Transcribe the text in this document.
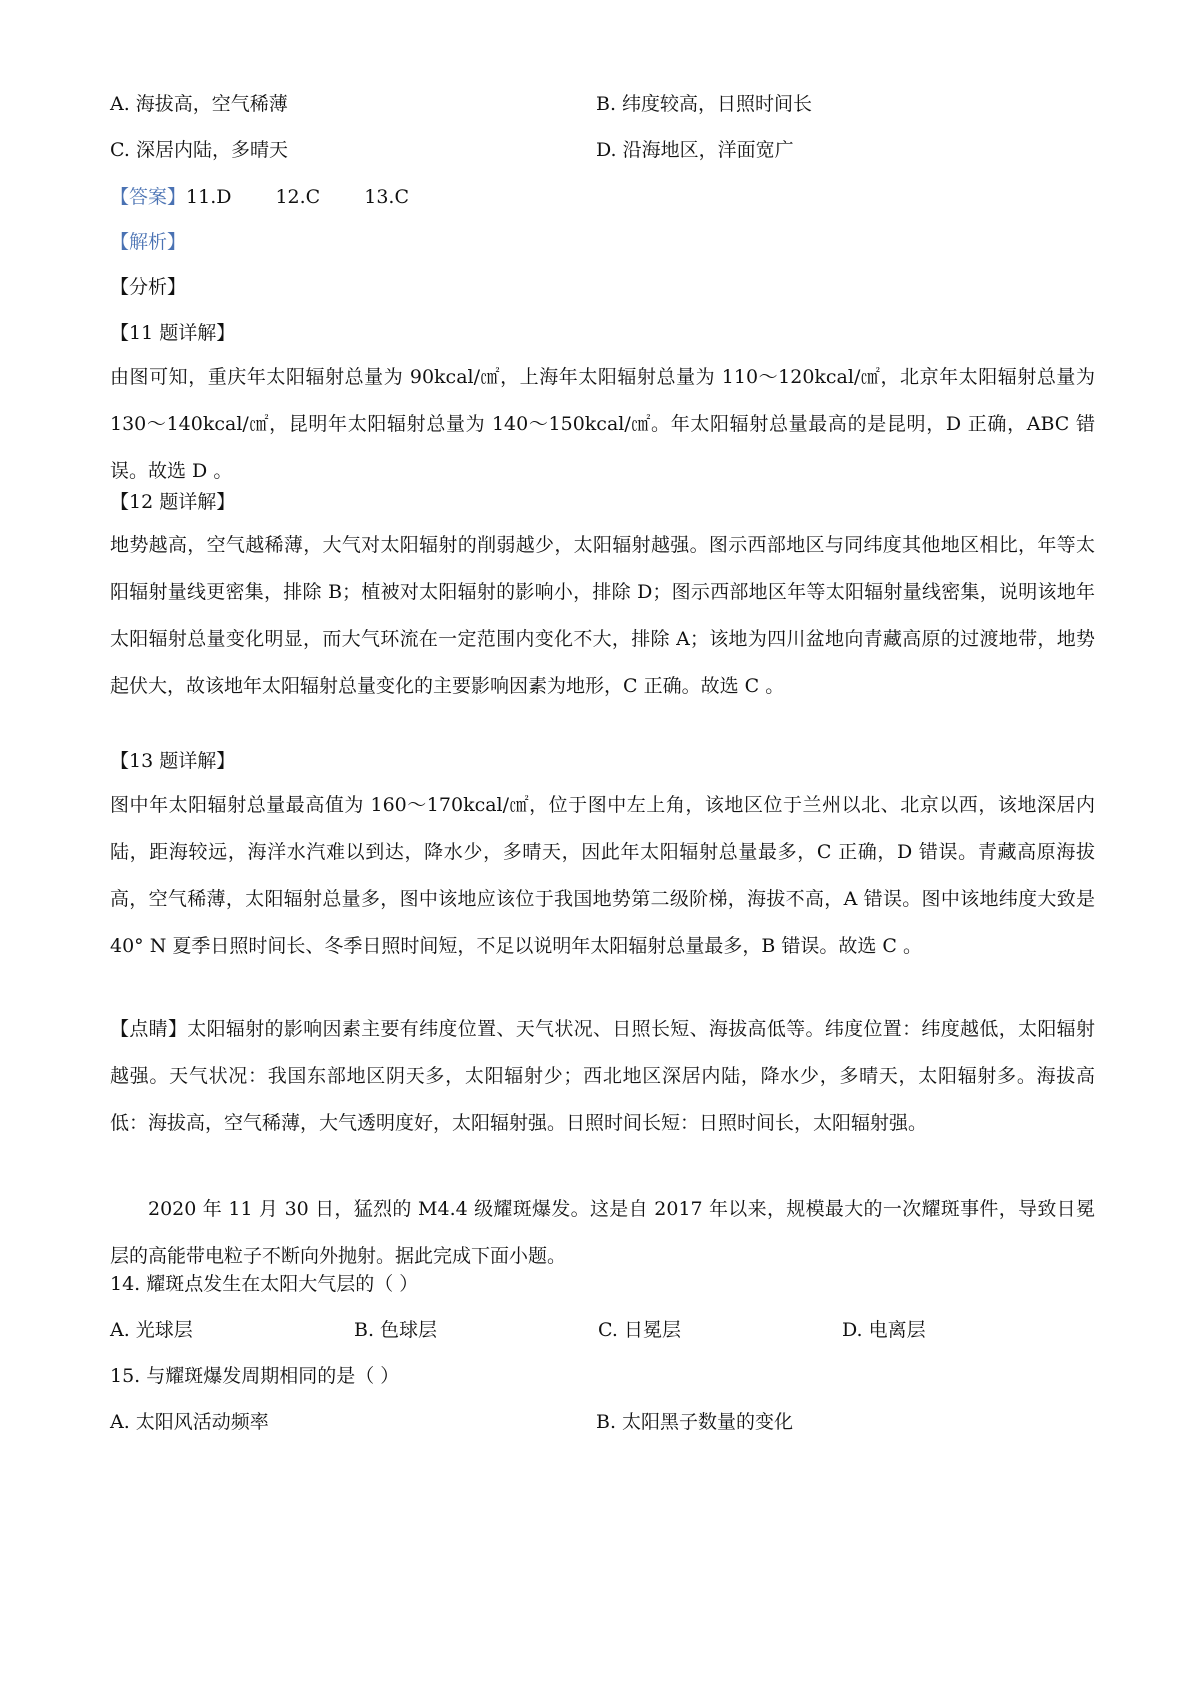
A. 海拔高，空气稀薄	B. 纬度较高，日照时间长
C. 深居内陆，多晴天	D. 沿海地区，洋面宽广
【答案】11.D 12.C 13.C
【解析】
【分析】
【11 题详解】
由图可知，重庆年太阳辐射总量为 90kcal/㎠，上海年太阳辐射总量为 110～120kcal/㎠，北京年太阳辐射总量为 130～140kcal/㎠，昆明年太阳辐射总量为 140～150kcal/㎠。年太阳辐射总量最高的是昆明，D 正确，ABC 错误。故选 D 。
【12 题详解】
地势越高，空气越稀薄，大气对太阳辐射的削弱越少，太阳辐射越强。图示西部地区与同纬度其他地区相比，年等太阳辐射量线更密集，排除 B；植被对太阳辐射的影响小，排除 D；图示西部地区年等太阳辐射量线密集，说明该地年太阳辐射总量变化明显，而大气环流在一定范围内变化不大，排除 A；该地为四川盆地向青藏高原的过渡地带，地势起伏大，故该地年太阳辐射总量变化的主要影响因素为地形，C 正确。故选 C 。
【13 题详解】
图中年太阳辐射总量最高值为 160～170kcal/㎠，位于图中左上角，该地区位于兰州以北、北京以西，该地深居内陆，距海较远，海洋水汽难以到达，降水少，多晴天，因此年太阳辐射总量最多，C 正确，D 错误。青藏高原海拔高，空气稀薄，太阳辐射总量多，图中该地应该位于我国地势第二级阶梯，海拔不高，A 错误。图中该地纬度大致是 40° N 夏季日照时间长、冬季日照时间短，不足以说明年太阳辐射总量最多，B 错误。故选 C 。
【点睛】太阳辐射的影响因素主要有纬度位置、天气状况、日照长短、海拔高低等。纬度位置：纬度越低，太阳辐射越强。天气状况：我国东部地区阴天多，太阳辐射少；西北地区深居内陆，降水少，多晴天，太阳辐射多。海拔高低：海拔高，空气稀薄，大气透明度好，太阳辐射强。日照时间长短：日照时间长，太阳辐射强。
2020 年 11 月 30 日，猛烈的 M4.4 级耀斑爆发。这是自 2017 年以来，规模最大的一次耀斑事件，导致日冕层的高能带电粒子不断向外抛射。据此完成下面小题。
14. 耀斑点发生在太阳大气层的（ ）
A. 光球层	B. 色球层	C. 日冕层	D. 电离层
15. 与耀斑爆发周期相同的是（ ）
A. 太阳风活动频率	B. 太阳黑子数量的变化
